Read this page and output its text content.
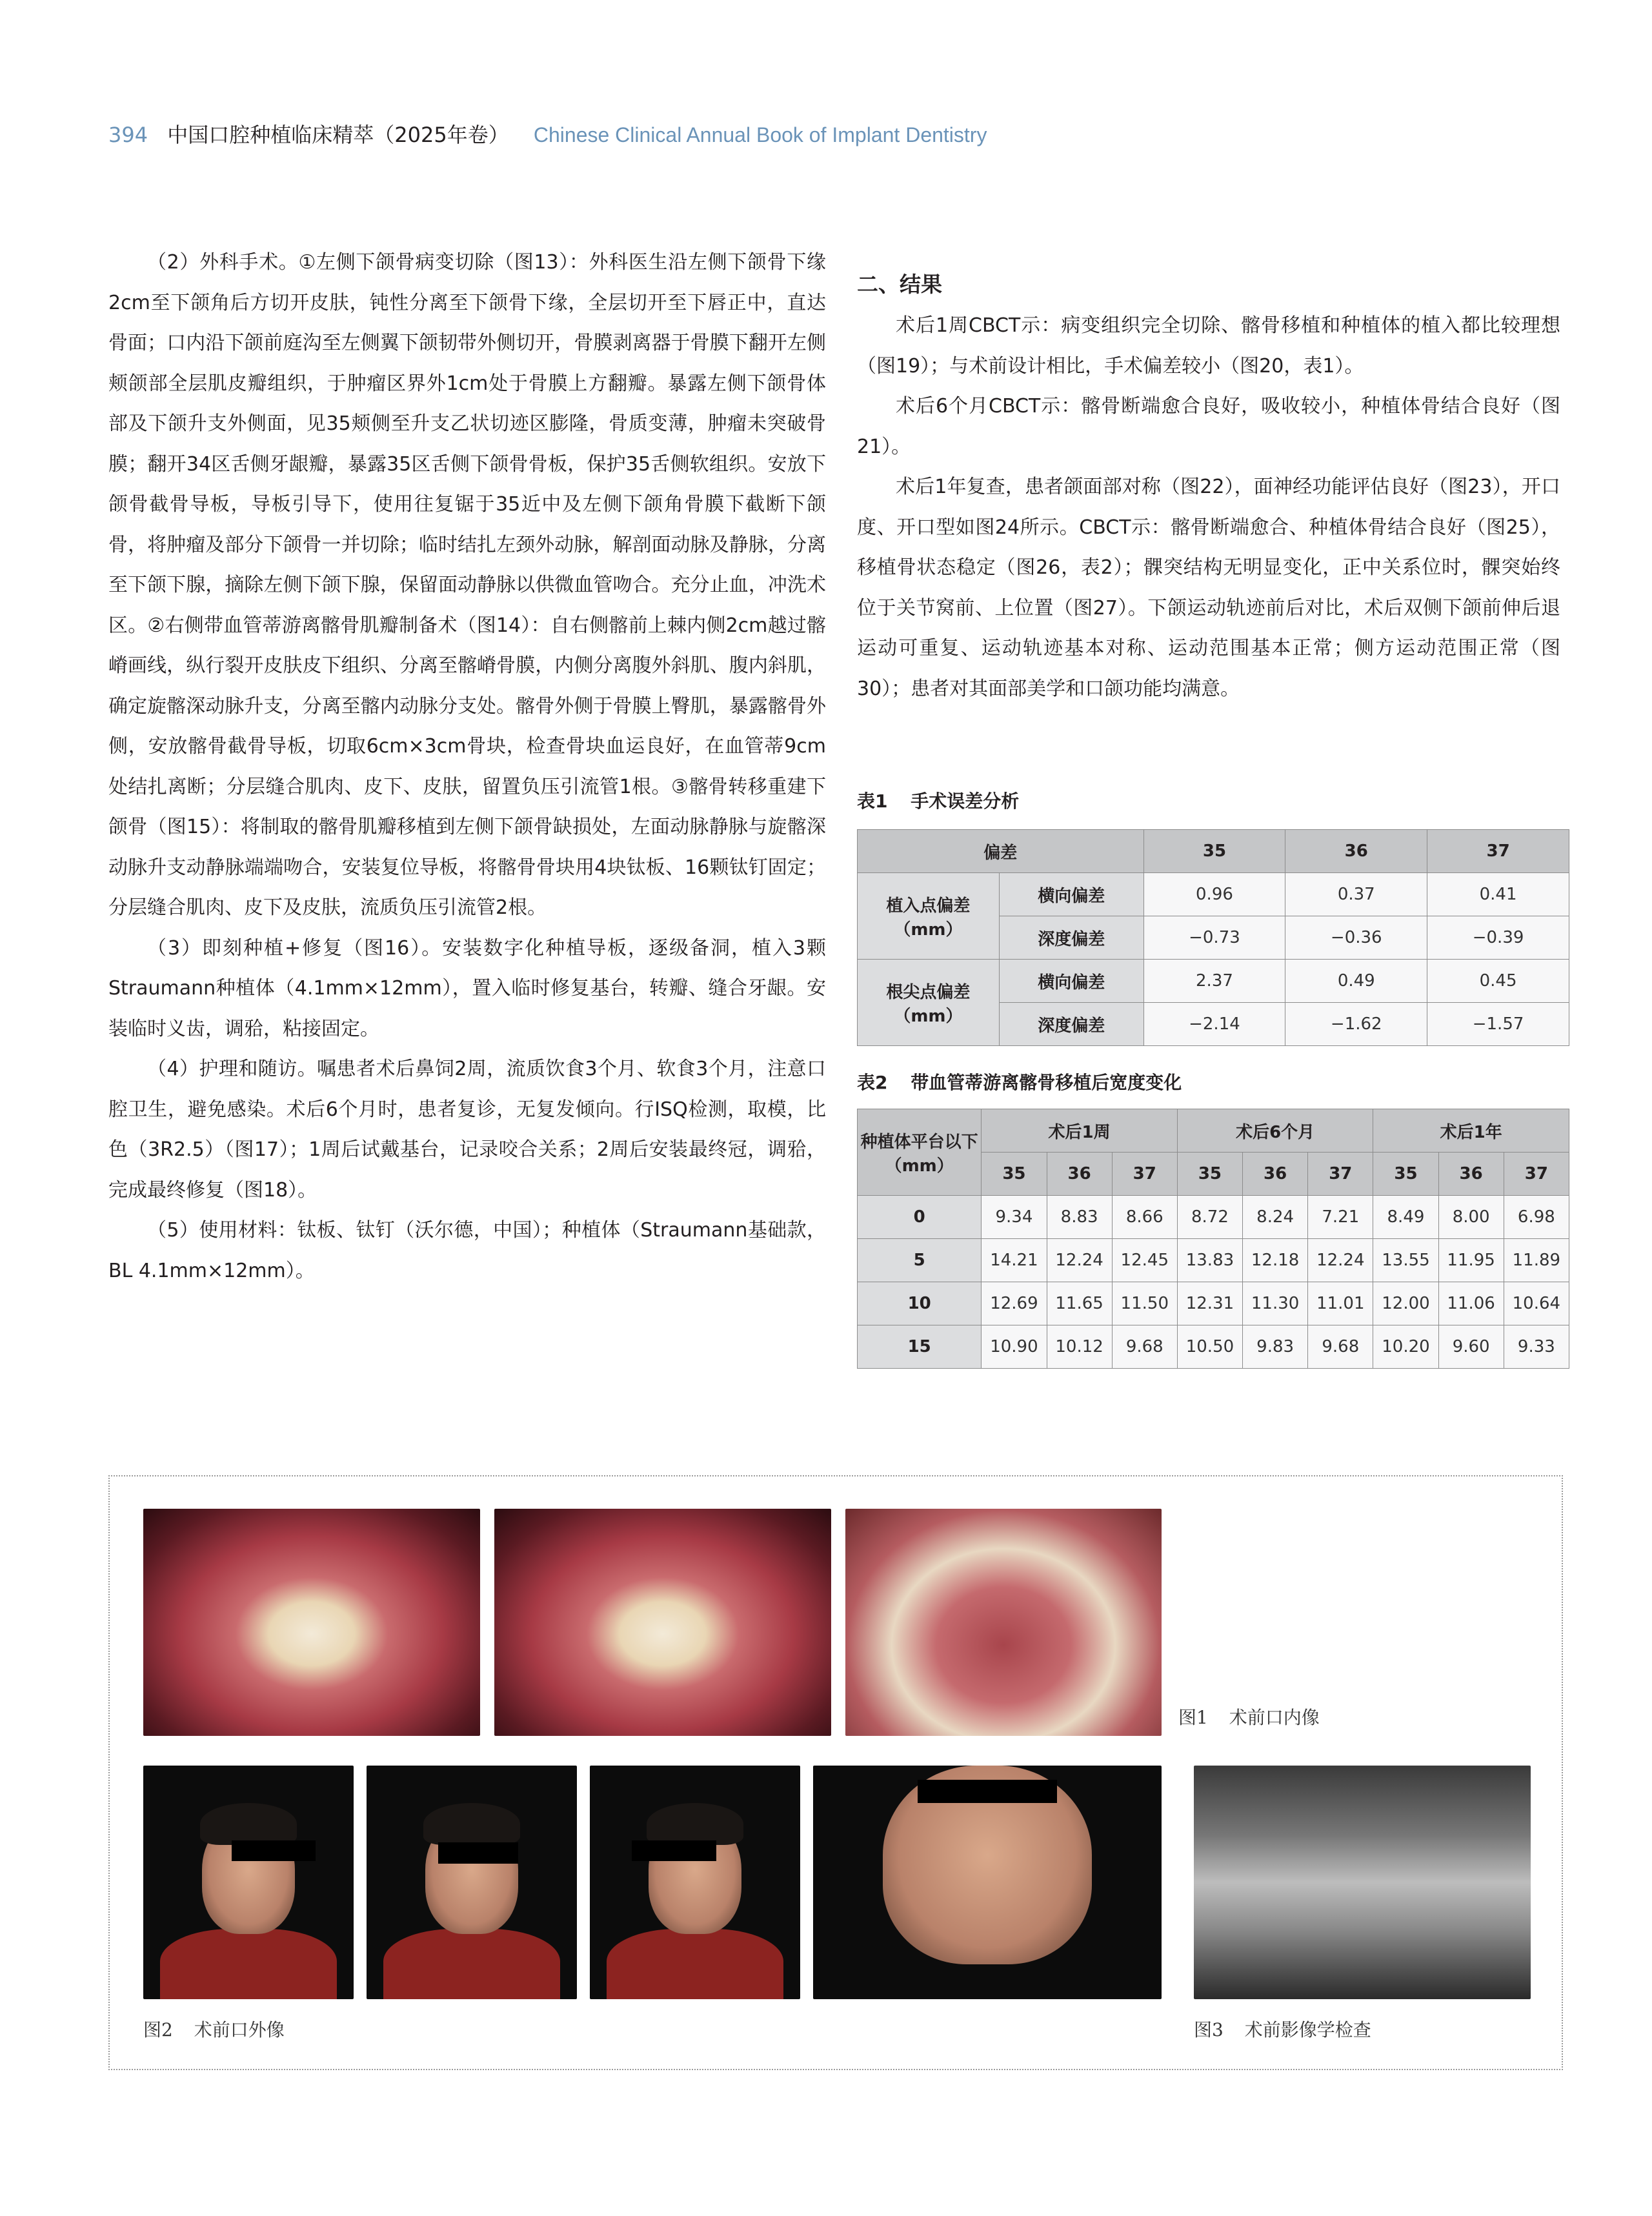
394 中国口腔种植临床精萃（2025年卷） Chinese Clinical Annual Book of Implant Dentistry

（2）外科手术。①左侧下颌骨病变切除（图13）：外科医生沿左侧下颌骨下缘2cm至下颌角后方切开皮肤，钝性分离至下颌骨下缘，全层切开至下唇正中，直达骨面；口内沿下颌前庭沟至左侧翼下颌韧带外侧切开，骨膜剥离器于骨膜下翻开左侧颊颌部全层肌皮瓣组织，于肿瘤区界外1cm处于骨膜上方翻瓣。暴露左侧下颌骨体部及下颌升支外侧面，见35颊侧至升支乙状切迹区膨隆，骨质变薄，肿瘤未突破骨膜；翻开34区舌侧牙龈瓣，暴露35区舌侧下颌骨骨板，保护35舌侧软组织。安放下颌骨截骨导板，导板引导下，使用往复锯于35近中及左侧下颌角骨膜下截断下颌骨，将肿瘤及部分下颌骨一并切除；临时结扎左颈外动脉，解剖面动脉及静脉，分离至下颌下腺，摘除左侧下颌下腺，保留面动静脉以供微血管吻合。充分止血，冲洗术区。②右侧带血管蒂游离髂骨肌瓣制备术（图14）：自右侧髂前上棘内侧2cm越过髂嵴画线，纵行裂开皮肤皮下组织、分离至髂嵴骨膜，内侧分离腹外斜肌、腹内斜肌，确定旋髂深动脉升支，分离至髂内动脉分支处。髂骨外侧于骨膜上臀肌，暴露髂骨外侧，安放髂骨截骨导板，切取6cm×3cm骨块，检查骨块血运良好，在血管蒂9cm处结扎离断；分层缝合肌肉、皮下、皮肤，留置负压引流管1根。③髂骨转移重建下颌骨（图15）：将制取的髂骨肌瓣移植到左侧下颌骨缺损处，左面动脉静脉与旋髂深动脉升支动静脉端端吻合，安装复位导板，将髂骨骨块用4块钛板、16颗钛钉固定；分层缝合肌肉、皮下及皮肤，流质负压引流管2根。

（3）即刻种植+修复（图16）。安装数字化种植导板，逐级备洞，植入3颗Straumann种植体（4.1mm×12mm），置入临时修复基台，转瓣、缝合牙龈。安装临时义齿，调𬌗，粘接固定。

（4）护理和随访。嘱患者术后鼻饲2周，流质饮食3个月、软食3个月，注意口腔卫生，避免感染。术后6个月时，患者复诊，无复发倾向。行ISQ检测，取模，比色（3R2.5）（图17）；1周后试戴基台，记录咬合关系；2周后安装最终冠，调𬌗，完成最终修复（图18）。

（5）使用材料：钛板、钛钉（沃尔德，中国）；种植体（Straumann基础款，BL 4.1mm×12mm）。

二、结果

术后1周CBCT示：病变组织完全切除、髂骨移植和种植体的植入都比较理想（图19）；与术前设计相比，手术偏差较小（图20，表1）。

术后6个月CBCT示：髂骨断端愈合良好，吸收较小，种植体骨结合良好（图21）。

术后1年复查，患者颌面部对称（图22），面神经功能评估良好（图23），开口度、开口型如图24所示。CBCT示：髂骨断端愈合、种植体骨结合良好（图25），移植骨状态稳定（图26，表2）；髁突结构无明显变化，正中关系位时，髁突始终位于关节窝前、上位置（图27）。下颌运动轨迹前后对比，术后双侧下颌前伸后退运动可重复、运动轨迹基本对称、运动范围基本正常；侧方运动范围正常（图30）；患者对其面部美学和口颌功能均满意。

表1 手术误差分析
偏差		35	36	37
植入点偏差（mm）	横向偏差	0.96	0.37	0.41
	深度偏差	−0.73	−0.36	−0.39
根尖点偏差（mm）	横向偏差	2.37	0.49	0.45
	深度偏差	−2.14	−1.62	−1.57
表2 带血管蒂游离髂骨移植后宽度变化
种植体平台以下（mm）	术后1周			术后6个月			术后1年		
	35	36	37	35	36	37	35	36	37
0	9.34	8.83	8.66	8.72	8.24	7.21	8.49	8.00	6.98
5	14.21	12.24	12.45	13.83	12.18	12.24	13.55	11.95	11.89
10	12.69	11.65	11.50	12.31	11.30	11.01	12.00	11.06	10.64
15	10.90	10.12	9.68	10.50	9.83	9.68	10.20	9.60	9.33
图1 术前口内像
图2 术前口外像	图3 术前影像学检查
